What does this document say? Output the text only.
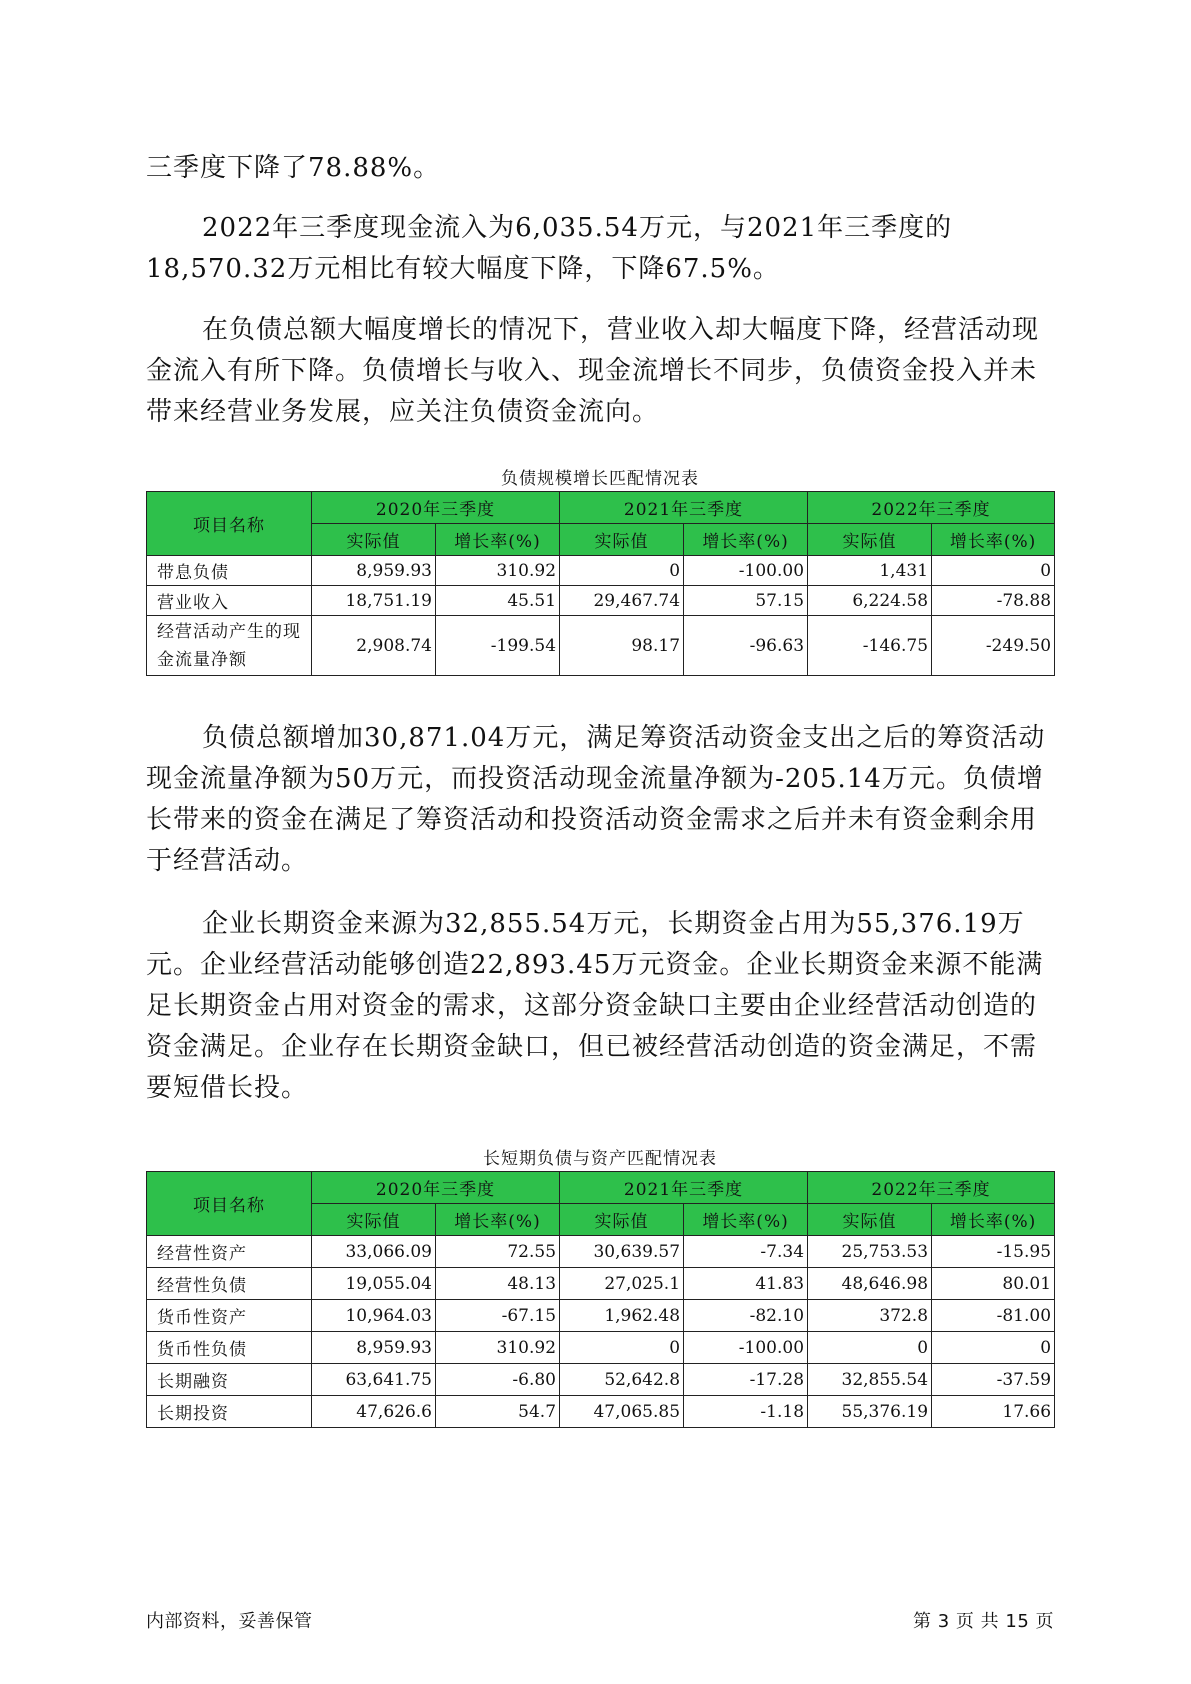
三季度下降了78.88%。

2022年三季度现金流入为6,035.54万元，与2021年三季度的18,570.32万元相比有较大幅度下降，下降67.5%。

在负债总额大幅度增长的情况下，营业收入却大幅度下降，经营活动现金流入有所下降。负债增长与收入、现金流增长不同步，负债资金投入并未带来经营业务发展，应关注负债资金流向。

负债规模增长匹配情况表
项目名称	2020年三季度		2021年三季度		2022年三季度	
	实际值	增长率(%)	实际值	增长率(%)	实际值	增长率(%)
带息负债	8,959.93	310.92	0	-100.00	1,431	0
营业收入	18,751.19	45.51	29,467.74	57.15	6,224.58	-78.88
经营活动产生的现金流量净额	2,908.74	-199.54	98.17	-96.63	-146.75	-249.50

负债总额增加30,871.04万元，满足筹资活动资金支出之后的筹资活动现金流量净额为50万元，而投资活动现金流量净额为-205.14万元。负债增长带来的资金在满足了筹资活动和投资活动资金需求之后并未有资金剩余用于经营活动。

企业长期资金来源为32,855.54万元，长期资金占用为55,376.19万元。企业经营活动能够创造22,893.45万元资金。企业长期资金来源不能满足长期资金占用对资金的需求，这部分资金缺口主要由企业经营活动创造的资金满足。企业存在长期资金缺口，但已被经营活动创造的资金满足，不需要短借长投。

长短期负债与资产匹配情况表
项目名称	2020年三季度		2021年三季度		2022年三季度	
	实际值	增长率(%)	实际值	增长率(%)	实际值	增长率(%)
经营性资产	33,066.09	72.55	30,639.57	-7.34	25,753.53	-15.95
经营性负债	19,055.04	48.13	27,025.1	41.83	48,646.98	80.01
货币性资产	10,964.03	-67.15	1,962.48	-82.10	372.8	-81.00
货币性负债	8,959.93	310.92	0	-100.00	0	0
长期融资	63,641.75	-6.80	52,642.8	-17.28	32,855.54	-37.59
长期投资	47,626.6	54.7	47,065.85	-1.18	55,376.19	17.66
内部资料，妥善保管	第 3 页 共 15 页
